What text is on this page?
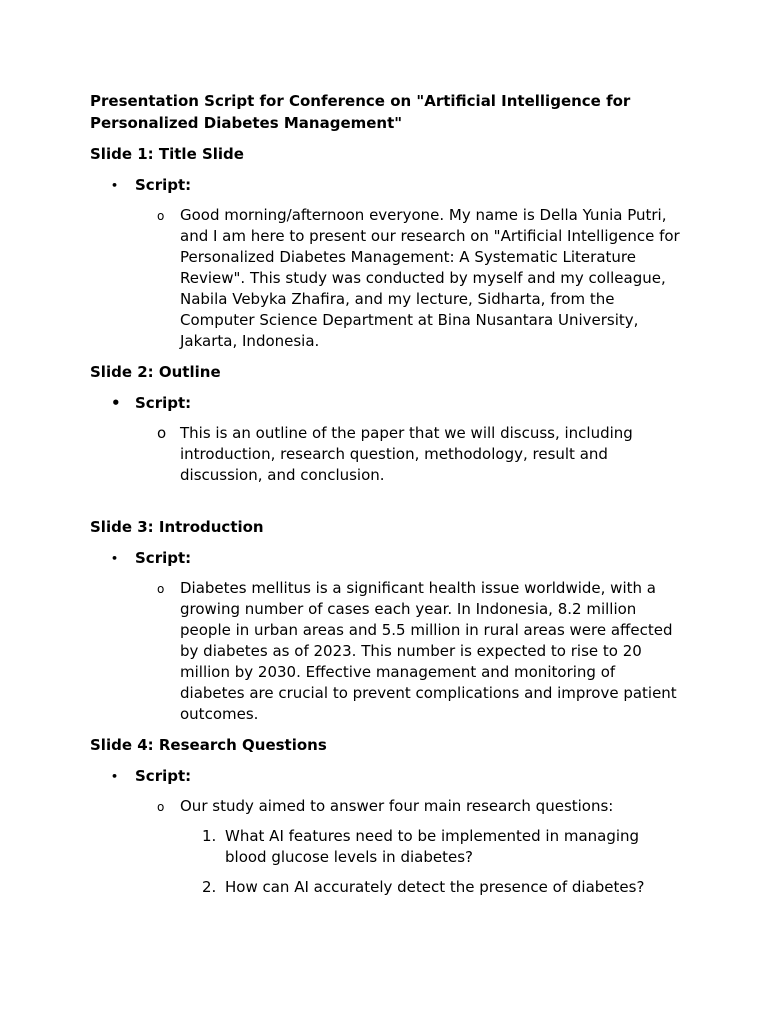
Presentation Script for Conference on "Artificial Intelligence for Personalized Diabetes Management"
Slide 1: Title Slide
• Script:
o Good morning/afternoon everyone. My name is Della Yunia Putri, and I am here to present our research on "Artificial Intelligence for Personalized Diabetes Management: A Systematic Literature Review". This study was conducted by myself and my colleague, Nabila Vebyka Zhafira, and my lecture, Sidharta, from the Computer Science Department at Bina Nusantara University, Jakarta, Indonesia.
Slide 2: Outline
• Script:
o This is an outline of the paper that we will discuss, including introduction, research question, methodology, result and discussion, and conclusion.
Slide 3: Introduction
• Script:
o Diabetes mellitus is a significant health issue worldwide, with a growing number of cases each year. In Indonesia, 8.2 million people in urban areas and 5.5 million in rural areas were affected by diabetes as of 2023. This number is expected to rise to 20 million by 2030. Effective management and monitoring of diabetes are crucial to prevent complications and improve patient outcomes.
Slide 4: Research Questions
• Script:
o Our study aimed to answer four main research questions:
1. What AI features need to be implemented in managing blood glucose levels in diabetes?
2. How can AI accurately detect the presence of diabetes?
